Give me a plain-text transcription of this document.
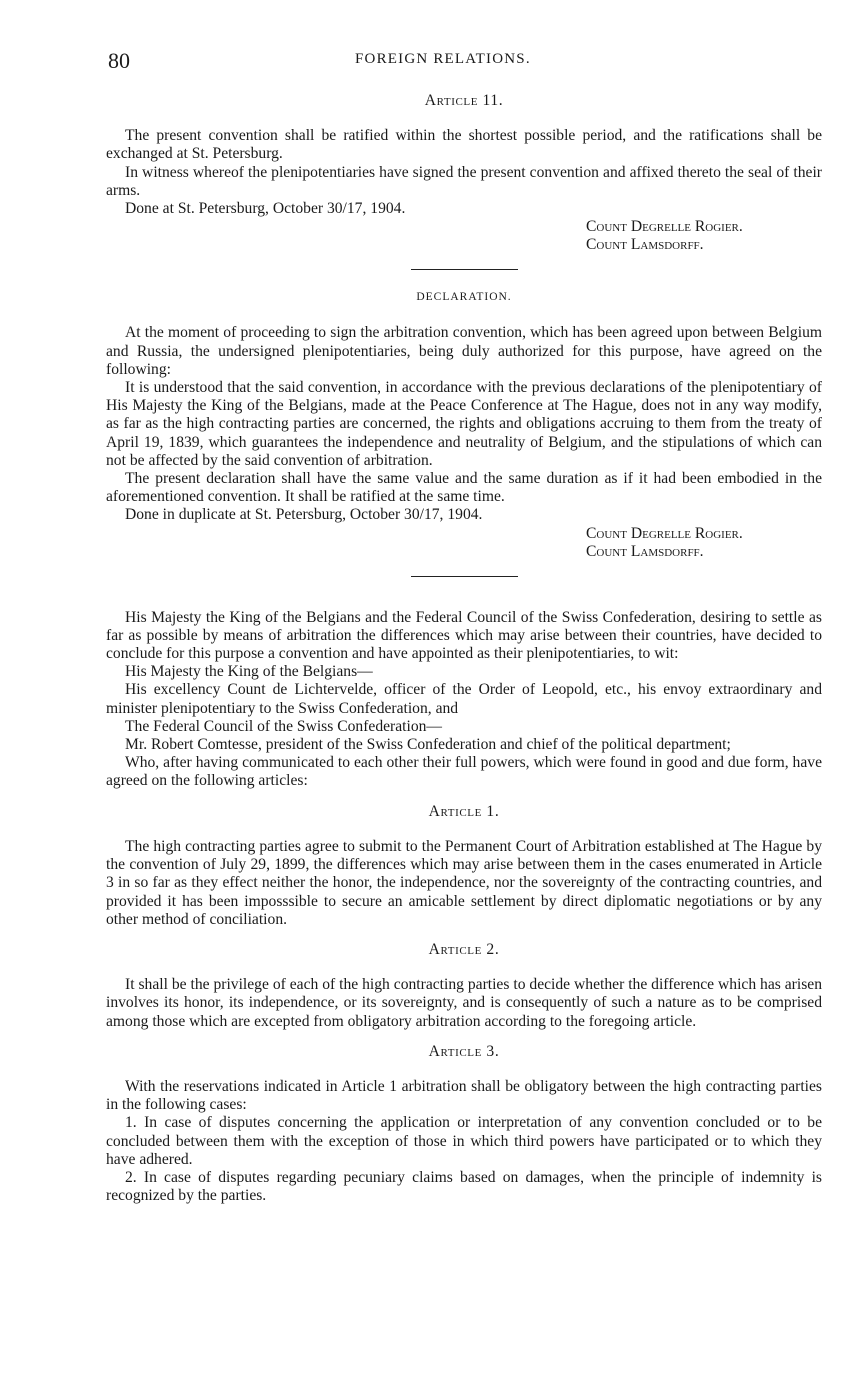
80	FOREIGN RELATIONS.

Article 11.

The present convention shall be ratified within the shortest possible period, and the ratifications shall be exchanged at St. Petersburg.

In witness whereof the plenipotentiaries have signed the present convention and affixed thereto the seal of their arms.

Done at St. Petersburg, October 30/17, 1904.

Count Degrelle Rogier.

Count Lamsdorff.

DECLARATION.

At the moment of proceeding to sign the arbitration convention, which has been agreed upon between Belgium and Russia, the undersigned plenipotentiaries, being duly authorized for this purpose, have agreed on the following:

It is understood that the said convention, in accordance with the previous declarations of the plenipotentiary of His Majesty the King of the Belgians, made at the Peace Conference at The Hague, does not in any way modify, as far as the high contracting parties are concerned, the rights and obligations accruing to them from the treaty of April 19, 1839, which guarantees the independence and neutrality of Belgium, and the stipulations of which can not be affected by the said convention of arbitration.

The present declaration shall have the same value and the same duration as if it had been embodied in the aforementioned convention. It shall be ratified at the same time.

Done in duplicate at St. Petersburg, October 30/17, 1904.

Count Degrelle Rogier.

Count Lamsdorff.

His Majesty the King of the Belgians and the Federal Council of the Swiss Confederation, desiring to settle as far as possible by means of arbitration the differences which may arise between their countries, have decided to conclude for this purpose a convention and have appointed as their plenipotentiaries, to wit:

His Majesty the King of the Belgians—

His excellency Count de Lichtervelde, officer of the Order of Leopold, etc., his envoy extraordinary and minister plenipotentiary to the Swiss Confederation, and

The Federal Council of the Swiss Confederation—

Mr. Robert Comtesse, president of the Swiss Confederation and chief of the political department;

Who, after having communicated to each other their full powers, which were found in good and due form, have agreed on the following articles:

Article 1.

The high contracting parties agree to submit to the Permanent Court of Arbitration established at The Hague by the convention of July 29, 1899, the differences which may arise between them in the cases enumerated in Article 3 in so far as they effect neither the honor, the independence, nor the sovereignty of the contracting countries, and provided it has been imposssible to secure an amicable settlement by direct diplomatic negotiations or by any other method of conciliation.

Article 2.

It shall be the privilege of each of the high contracting parties to decide whether the difference which has arisen involves its honor, its independence, or its sovereignty, and is consequently of such a nature as to be comprised among those which are excepted from obligatory arbitration according to the foregoing article.

Article 3.

With the reservations indicated in Article 1 arbitration shall be obligatory between the high contracting parties in the following cases:

1. In case of disputes concerning the application or interpretation of any convention concluded or to be concluded between them with the exception of those in which third powers have participated or to which they have adhered.

2. In case of disputes regarding pecuniary claims based on damages, when the principle of indemnity is recognized by the parties.
